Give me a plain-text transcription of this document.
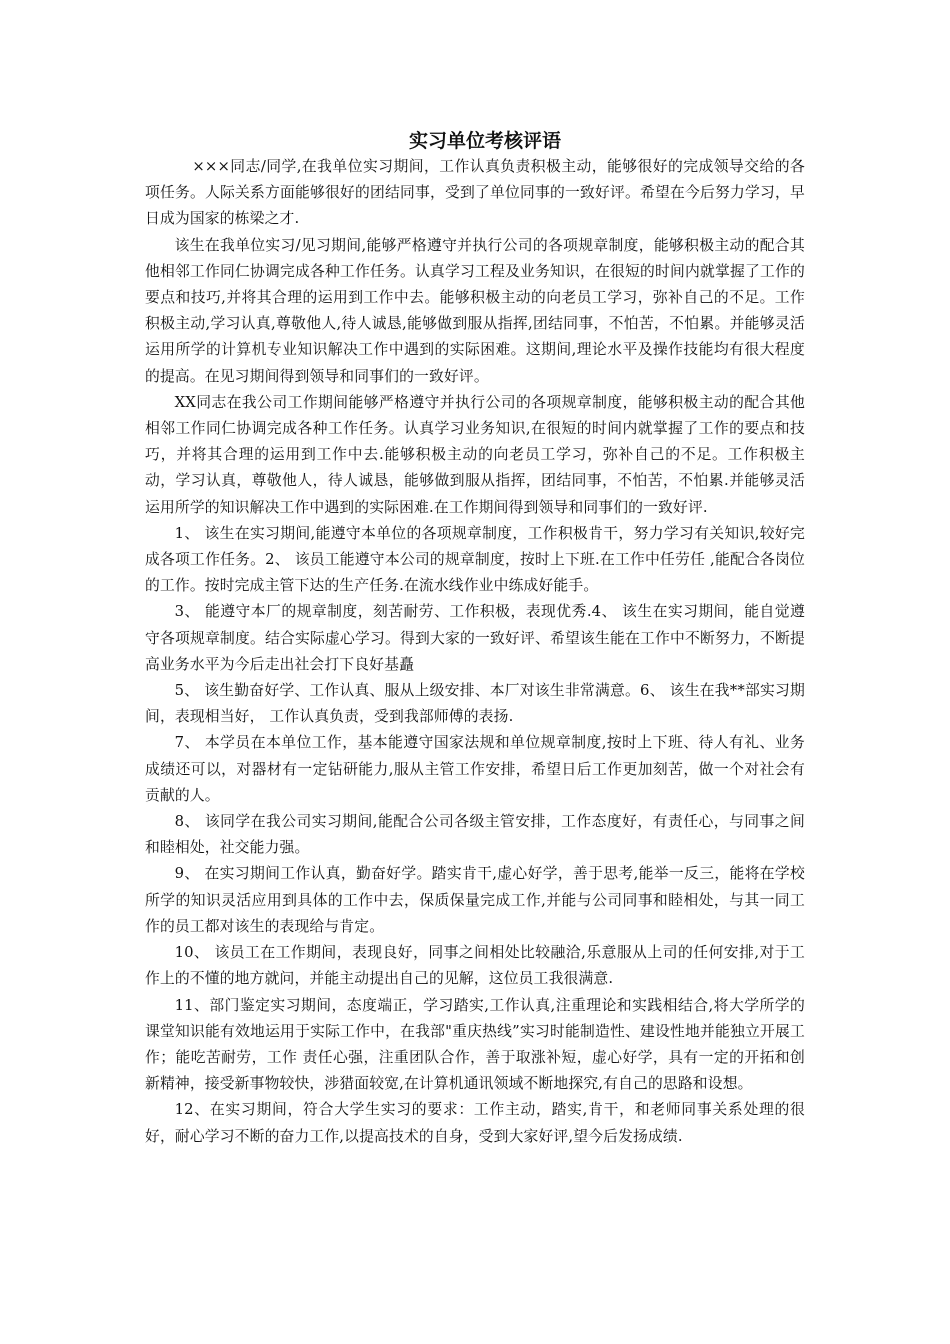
实习单位考核评语

×××同志/同学,在我单位实习期间，工作认真负责积极主动，能够很好的完成领导交给的各项任务。人际关系方面能够很好的团结同事，受到了单位同事的一致好评。希望在今后努力学习，早日成为国家的栋梁之才.

该生在我单位实习/见习期间,能够严格遵守并执行公司的各项规章制度，能够积极主动的配合其他相邻工作同仁协调完成各种工作任务。认真学习工程及业务知识，在很短的时间内就掌握了工作的要点和技巧,并将其合理的运用到工作中去。能够积极主动的向老员工学习，弥补自己的不足。工作积极主动,学习认真,尊敬他人,待人诚恳,能够做到服从指挥,团结同事，不怕苦，不怕累。并能够灵活运用所学的计算机专业知识解决工作中遇到的实际困难。这期间,理论水平及操作技能均有很大程度的提高。在见习期间得到领导和同事们的一致好评。

XX同志在我公司工作期间能够严格遵守并执行公司的各项规章制度，能够积极主动的配合其他相邻工作同仁协调完成各种工作任务。认真学习业务知识,在很短的时间内就掌握了工作的要点和技巧，并将其合理的运用到工作中去.能够积极主动的向老员工学习，弥补自己的不足。工作积极主动，学习认真，尊敬他人，待人诚恳，能够做到服从指挥，团结同事，不怕苦，不怕累.并能够灵活运用所学的知识解决工作中遇到的实际困难.在工作期间得到领导和同事们的一致好评.

1、 该生在实习期间,能遵守本单位的各项规章制度，工作积极肯干，努力学习有关知识,较好完成各项工作任务。2、 该员工能遵守本公司的规章制度，按时上下班.在工作中任劳任 ,能配合各岗位的工作。按时完成主管下达的生产任务.在流水线作业中练成好能手。

3、 能遵守本厂的规章制度，刻苦耐劳、工作积极，表现优秀.4、 该生在实习期间，能自觉遵守各项规章制度。结合实际虚心学习。得到大家的一致好评、希望该生能在工作中不断努力，不断提高业务水平为今后走出社会打下良好基矗

5、 该生勤奋好学、工作认真、服从上级安排、本厂对该生非常满意。6、 该生在我**部实习期间，表现相当好， 工作认真负责，受到我部师傅的表扬.

7、 本学员在本单位工作，基本能遵守国家法规和单位规章制度,按时上下班、待人有礼、业务成绩还可以，对器材有一定钻研能力,服从主管工作安排，希望日后工作更加刻苦，做一个对社会有贡献的人。

8、 该同学在我公司实习期间,能配合公司各级主管安排，工作态度好，有责任心，与同事之间和睦相处，社交能力强。

9、 在实习期间工作认真，勤奋好学。踏实肯干,虚心好学，善于思考,能举一反三，能将在学校所学的知识灵活应用到具体的工作中去，保质保量完成工作,并能与公司同事和睦相处，与其一同工作的员工都对该生的表现给与肯定。

10、 该员工在工作期间，表现良好，同事之间相处比较融洽,乐意服从上司的任何安排,对于工作上的不懂的地方就问，并能主动提出自己的见解，这位员工我很满意.

11、部门鉴定实习期间，态度端正，学习踏实,工作认真,注重理论和实践相结合,将大学所学的课堂知识能有效地运用于实际工作中，在我部"重庆热线”实习时能制造性、建设性地并能独立开展工作；能吃苦耐劳，工作 责任心强，注重团队合作，善于取涨补短，虚心好学，具有一定的开拓和创新精神，接受新事物较快，涉猎面较宽,在计算机通讯领域不断地探究,有自己的思路和设想。

12、在实习期间，符合大学生实习的要求：工作主动，踏实,肯干，和老师同事关系处理的很好，耐心学习不断的奋力工作,以提高技术的自身，受到大家好评,望今后发扬成绩.
